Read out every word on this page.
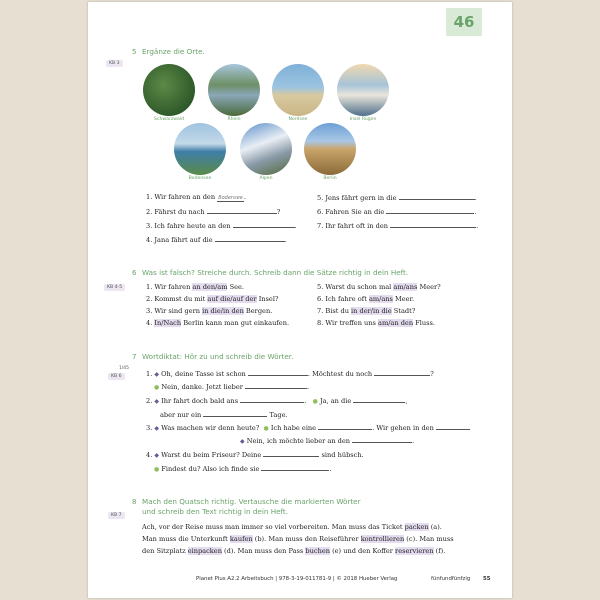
46
5 Ergänze die Orte.
KB 3
Schwarzwald	Rhein	Nordsee	Insel Rügen
Bodensee	Alpen	Berlin
1. Wir fahren an den Bodensee.
2. Fährst du nach	?
3. Ich fahre heute an den	.
4. Jana fährt auf die	.
5. Jens fährt gern in die	.
6. Fahren Sie an die	.
7. Ihr fahrt oft in den	.
6 Was ist falsch? Streiche durch. Schreib dann die Sätze richtig in dein Heft.
KB 4-5	1. Wir fahren an den/am See.
2. Kommst du mit auf die/auf der Insel?
3. Wir sind gern in die/in den Bergen.
4. In/Nach Berlin kann man gut einkaufen.
5. Warst du schon mal am/ans Meer?
6. Ich fahre oft am/ans Meer.
7. Bist du in der/in die Stadt?
8. Wir treffen uns am/an den Fluss.
7 Wortdiktat: Hör zu und schreib die Wörter.
1/45
KB 6	1. ◆ Oh, deine Tasse ist schon	. Möchtest du noch	?
● Nein, danke. Jetzt lieber	.
2. ◆ Ihr fahrt doch bald ans	.   ● Ja, an die	,
aber nur ein	Tage.
3. ◆ Was machen wir denn heute? ● Ich habe eine	. Wir gehen in den
◆ Nein, ich möchte lieber an den	.
4. ◆ Warst du beim Friseur? Deine	sind hübsch.
● Findest du? Also ich finde sie	.
8 Mach den Quatsch richtig. Vertausche die markierten Wörter
und schreib den Text richtig in dein Heft.
KB 7
Ach, vor der Reise muss man immer so viel vorbereiten. Man muss das Ticket packen (a).
Man muss die Unterkunft kaufen (b). Man muss den Reiseführer kontrollieren (c). Man muss
den Sitzplatz einpacken (d). Man muss den Pass buchen (e) und den Koffer reservieren (f).
Planet Plus A2.2 Arbeitsbuch | 978-3-19-011781-9 | © 2018 Hueber Verlag	fünfundfünfzig 55
